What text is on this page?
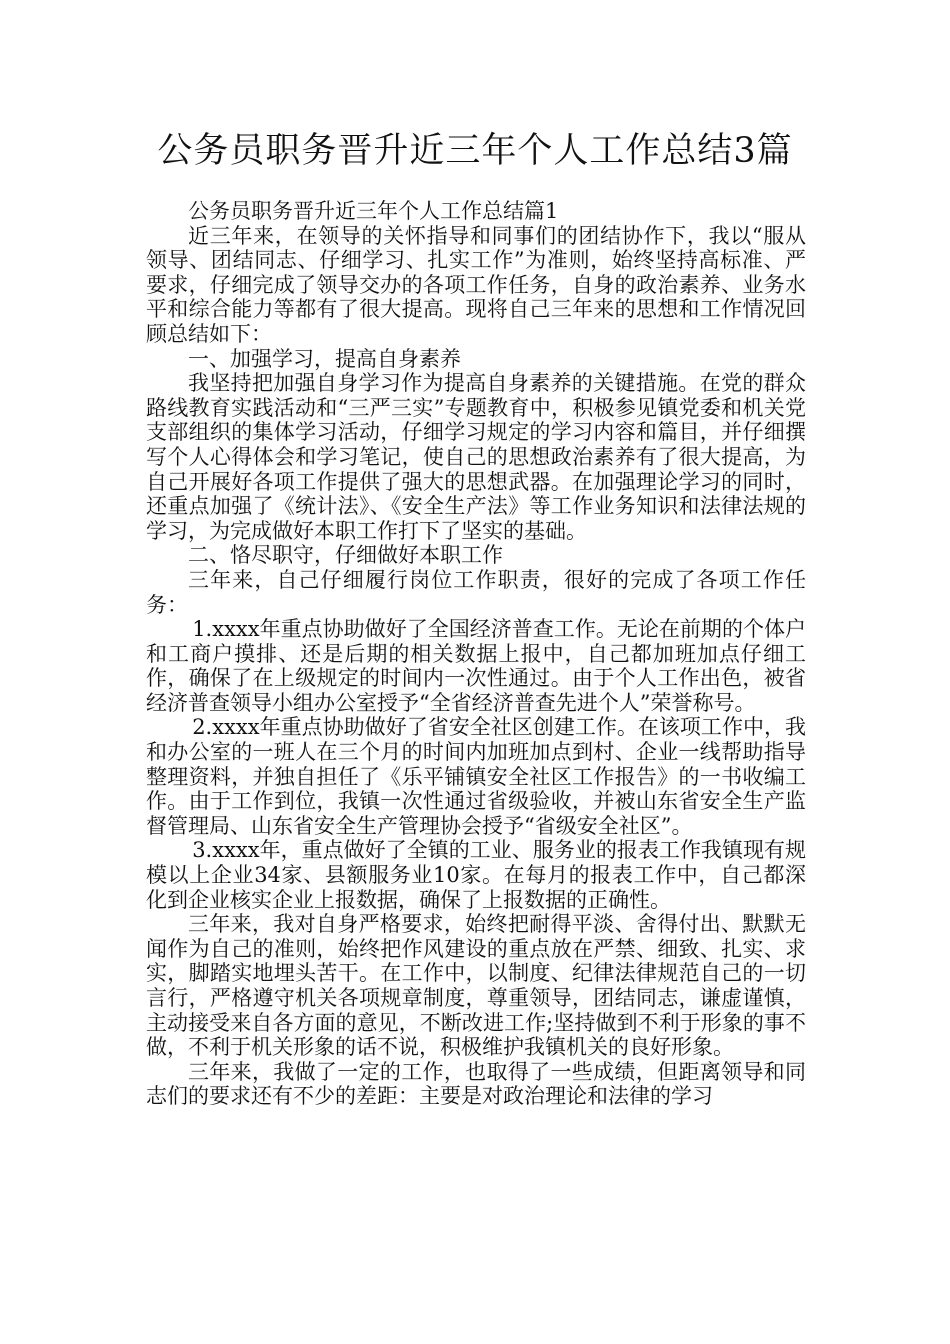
公务员职务晋升近三年个人工作总结3篇

公务员职务晋升近三年个人工作总结篇1

近三年来，在领导的关怀指导和同事们的团结协作下，我以“服从领导、团结同志、仔细学习、扎实工作”为准则，始终坚持高标准、严要求，仔细完成了领导交办的各项工作任务，自身的政治素养、业务水平和综合能力等都有了很大提高。现将自己三年来的思想和工作情况回顾总结如下：

一、加强学习，提高自身素养

我坚持把加强自身学习作为提高自身素养的关键措施。在党的群众路线教育实践活动和“三严三实”专题教育中，积极参见镇党委和机关党支部组织的集体学习活动，仔细学习规定的学习内容和篇目，并仔细撰写个人心得体会和学习笔记，使自己的思想政治素养有了很大提高，为自己开展好各项工作提供了强大的思想武器。在加强理论学习的同时，还重点加强了《统计法》、《安全生产法》等工作业务知识和法律法规的学习，为完成做好本职工作打下了坚实的基础。

二、恪尽职守，仔细做好本职工作

三年来，自己仔细履行岗位工作职责，很好的完成了各项工作任务：

1.xxxx年重点协助做好了全国经济普查工作。无论在前期的个体户和工商户摸排、还是后期的相关数据上报中，自己都加班加点仔细工作，确保了在上级规定的时间内一次性通过。由于个人工作出色，被省经济普查领导小组办公室授予“全省经济普查先进个人”荣誉称号。

2.xxxx年重点协助做好了省安全社区创建工作。在该项工作中，我和办公室的一班人在三个月的时间内加班加点到村、企业一线帮助指导整理资料，并独自担任了《乐平铺镇安全社区工作报告》的一书收编工作。由于工作到位，我镇一次性通过省级验收，并被山东省安全生产监督管理局、山东省安全生产管理协会授予“省级安全社区”。

3.xxxx年，重点做好了全镇的工业、服务业的报表工作我镇现有规模以上企业34家、县额服务业10家。在每月的报表工作中，自己都深化到企业核实企业上报数据，确保了上报数据的正确性。

三年来，我对自身严格要求，始终把耐得平淡、舍得付出、默默无闻作为自己的准则，始终把作风建设的重点放在严禁、细致、扎实、求实，脚踏实地埋头苦干。在工作中，以制度、纪律法律规范自己的一切言行，严格遵守机关各项规章制度，尊重领导，团结同志，谦虚谨慎，主动接受来自各方面的意见，不断改进工作;坚持做到不利于形象的事不做，不利于机关形象的话不说，积极维护我镇机关的良好形象。

三年来，我做了一定的工作，也取得了一些成绩，但距离领导和同志们的要求还有不少的差距：主要是对政治理论和法律的学习
